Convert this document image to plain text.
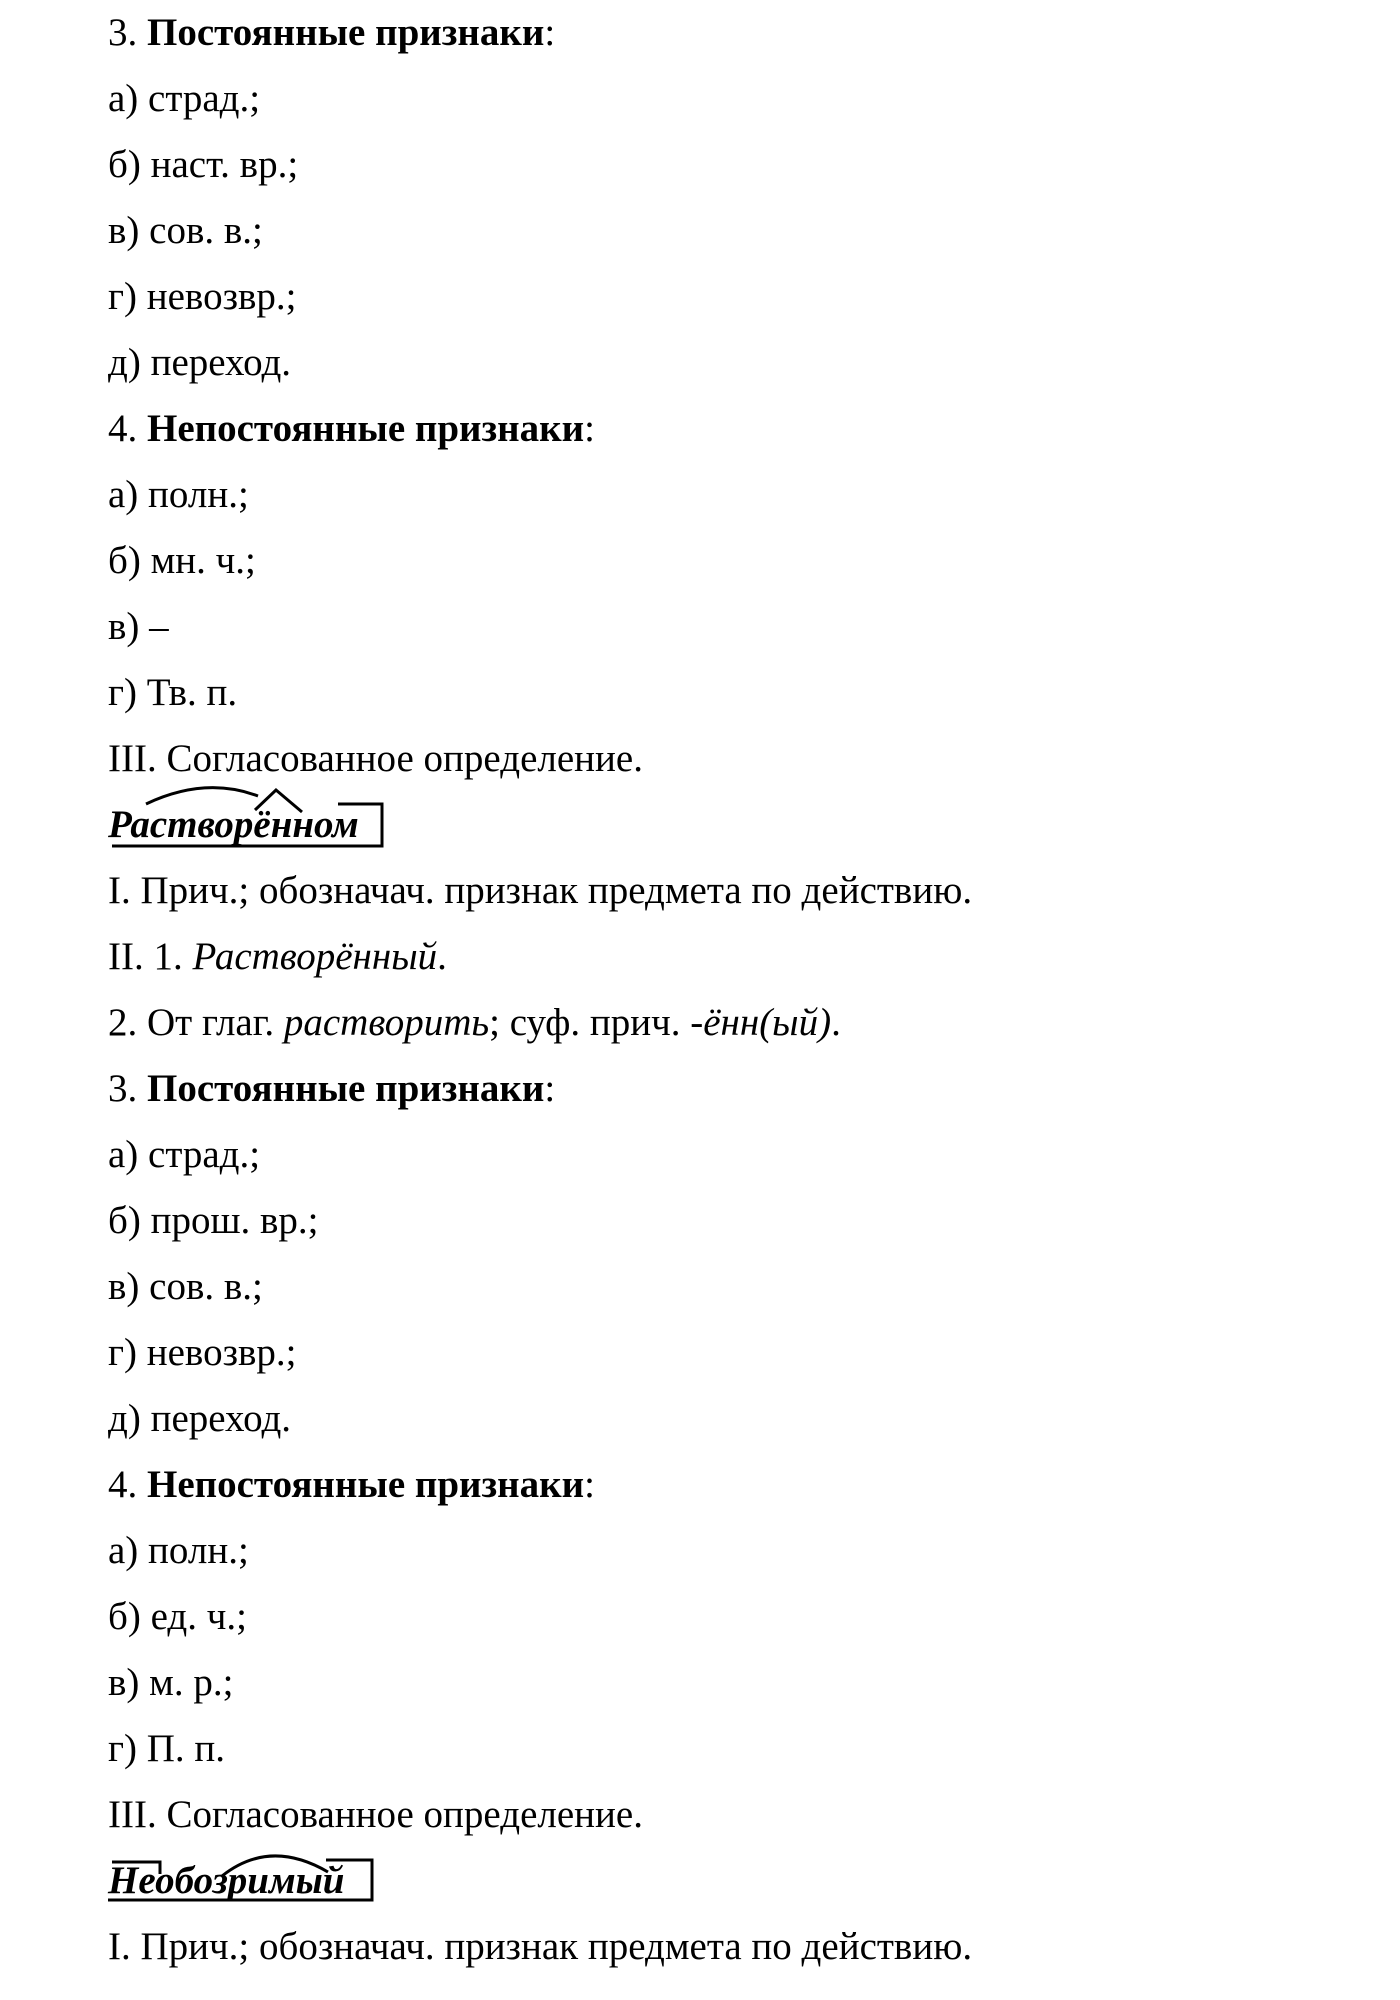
3. Постоянные признаки:
а) страд.;
б) наст. вр.;
в) сов. в.;
г) невозвр.;
д) переход.
4. Непостоянные признаки:
а) полн.;
б) мн. ч.;
в) –
г) Тв. п.
III. Согласованное определение.
Растворённом
I. Прич.; обозначач. признак предмета по действию.
II. 1. Растворённый.
2. От глаг. растворить; суф. прич. -ённ(ый).
3. Постоянные признаки:
а) страд.;
б) прош. вр.;
в) сов. в.;
г) невозвр.;
д) переход.
4. Непостоянные признаки:
а) полн.;
б) ед. ч.;
в) м. р.;
г) П. п.
III. Согласованное определение.
Необозримый
I. Прич.; обозначач. признак предмета по действию.
